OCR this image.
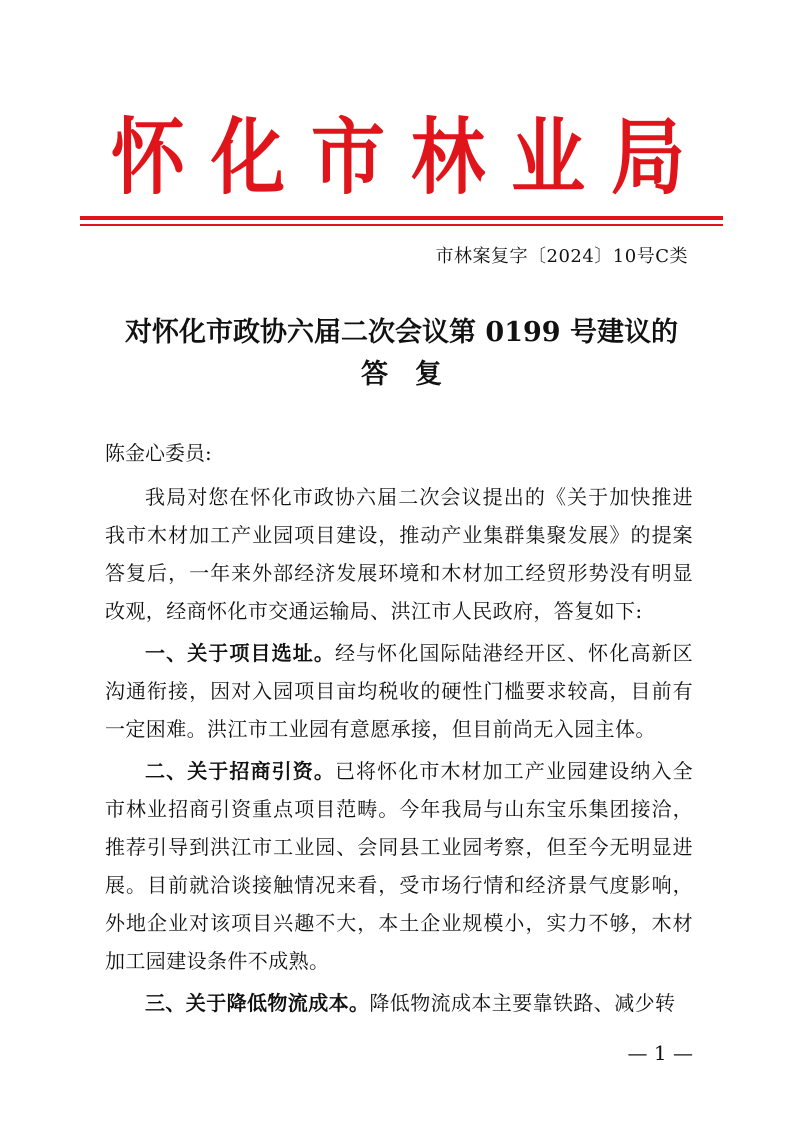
怀 化 市 林 业 局
市林案复字〔2024〕10号C类
对怀化市政协六届二次会议第 0199 号建议的
答复
陈金心委员:

我局对您在怀化市政协六届二次会议提出的《关于加快推进我市木材加工产业园项目建设，推动产业集群集聚发展》的提案答复后，一年来外部经济发展环境和木材加工经贸形势没有明显改观，经商怀化市交通运输局、洪江市人民政府，答复如下:

一、关于项目选址。经与怀化国际陆港经开区、怀化高新区沟通衔接，因对入园项目亩均税收的硬性门槛要求较高，目前有一定困难。洪江市工业园有意愿承接，但目前尚无入园主体。

二、关于招商引资。已将怀化市木材加工产业园建设纳入全市林业招商引资重点项目范畴。今年我局与山东宝乐集团接洽，推荐引导到洪江市工业园、会同县工业园考察，但至今无明显进展。目前就洽谈接触情况来看，受市场行情和经济景气度影响，外地企业对该项目兴趣不大，本土企业规模小，实力不够，木材加工园建设条件不成熟。

三、关于降低物流成本。降低物流成本主要靠铁路、减少转

— 1 —
